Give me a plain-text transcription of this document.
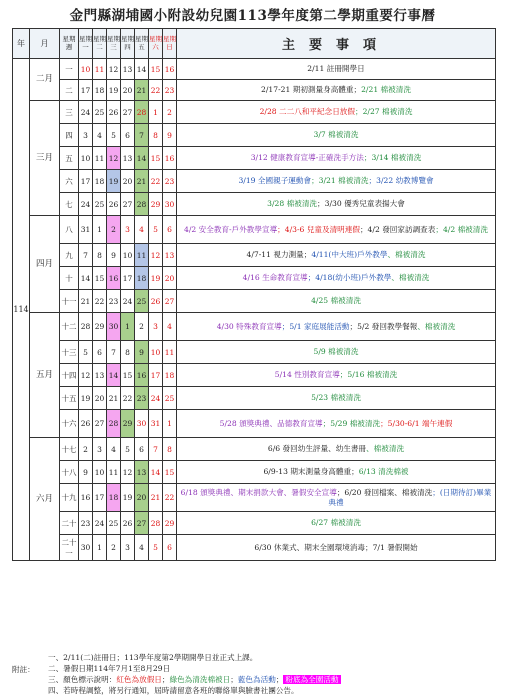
金門縣湖埔國小附設幼兒園113學年度第二學期重要行事曆
年	月	星期週	星期一	星期二	星期三	星期四	星期五	星期六	星期日	主要事項
114	二月	一	10	11	12	13	14	15	16	2/11 註冊開學日
		二	17	18	19	20	21	22	23	2/17-21 期初測量身高體重；2/21 棉被清洗
	三月	三	24	25	26	27	28	1	2	2/28 二二八和平紀念日放假；2/27 棉被清洗
		四	3	4	5	6	7	8	9	3/7 棉被清洗
		五	10	11	12	13	14	15	16	3/12 健康教育宣導-正確洗手方法；3/14 棉被清洗
		六	17	18	19	20	21	22	23	3/19 全國親子運動會；3/21 棉被清洗；3/22 幼教博覽會
		七	24	25	26	27	28	29	30	3/28 棉被清洗；3/30 優秀兒童表揚大會
	四月	八	31	1	2	3	4	5	6	4/2 安全教育-戶外教學宣導；4/3-6 兒童及清明連假；4/2 發回家訪調查表；4/2 棉被清洗
		九	7	8	9	10	11	12	13	4/7-11 視力測量；4/11(中大班)戶外教學、棉被清洗
		十	14	15	16	17	18	19	20	4/16 生命教育宣導；4/18(幼小班)戶外教學、棉被清洗
		十一	21	22	23	24	25	26	27	4/25 棉被清洗
	五月	十二	28	29	30	1	2	3	4	4/30 特殊教育宣導；5/1 家庭展能活動；5/2 發回教學餐報、棉被清洗
		十三	5	6	7	8	9	10	11	5/9 棉被清洗
		十四	12	13	14	15	16	17	18	5/14 性別教育宣導；5/16 棉被清洗
		十五	19	20	21	22	23	24	25	5/23 棉被清洗
		十六	26	27	28	29	30	31	1	5/28 頒獎典禮、品德教育宣導；5/29 棉被清洗；5/30-6/1 端午連假
	六月	十七	2	3	4	5	6	7	8	6/6 發回幼生評量、幼生書冊、棉被清洗
		十八	9	10	11	12	13	14	15	6/9-13 期末測量身高體重；6/13 清洗棉被
		十九	16	17	18	19	20	21	22	6/18 頒獎典禮、期末捐款大會、暑假安全宣導；6/20 發回檔案、棉被清洗；(日期待訂)畢業典禮
		二十	23	24	25	26	27	28	29	6/27 棉被清洗
		二十一	30	1	2	3	4	5	6	6/30 休業式、期末全園環境消毒；7/1 暑假開始
附註：
一、2/11(二)註冊日；113學年度第2學期開學日並正式上課。
二、暑假日期114年7月1至8月29日
三、顏色標示說明：紅色為放假日；綠色為清洗棉被日；藍色為活動； 粉底為全園活動
四、若時程調整，將另行通知，屆時請留意各班的聯絡單與臉書社團公告。
